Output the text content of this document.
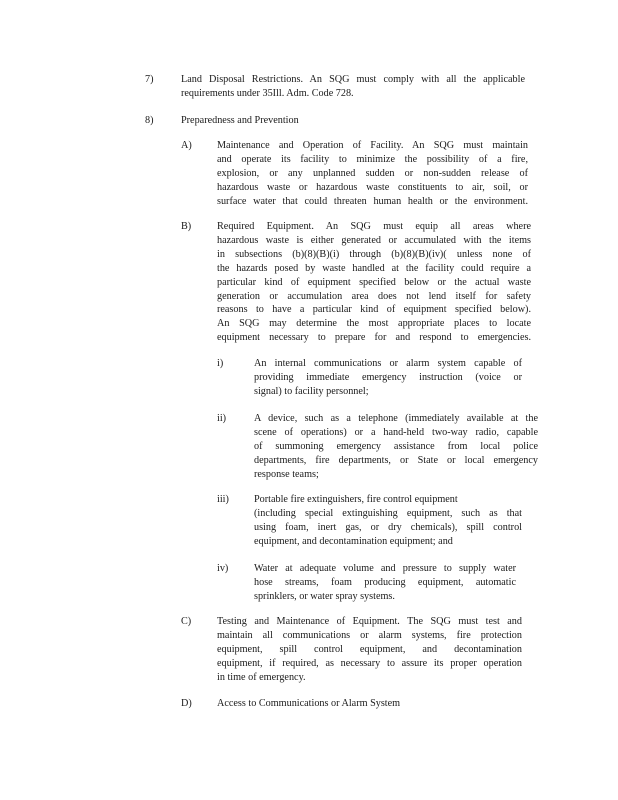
7)	Land Disposal Restrictions. An SQG must comply with all the applicable
requirements under 35Ill. Adm. Code 728.
8)	Preparedness and Prevention
A) Maintenance and Operation of Facility. An SQG must maintain
and operate its facility to minimize the possibility of a fire,
explosion, or any unplanned sudden or non-sudden release of
hazardous waste or hazardous waste constituents to air, soil, or
surface water that could threaten human health or the environment.
B)	Required Equipment. An SQG must equip all areas where
hazardous waste is either generated or accumulated with the items
in subsections (b)(8)(B)(i) through (b)(8)(B)(iv)( unless none of
the hazards posed by waste handled at the facility could require a
particular kind of equipment specified below or the actual waste
generation or accumulation area does not lend itself for safety
reasons to have a particular kind of equipment specified below).
An SQG may determine the most appropriate places to locate
equipment necessary to prepare for and respond to emergencies.
i)	An internal communications or alarm system capable of
providing immediate emergency instruction (voice or
signal) to facility personnel;
ii)	A device, such as a telephone (immediately available at the
scene of operations) or a hand-held two-way radio, capable
of summoning emergency assistance from local police
departments, fire departments, or State or local emergency
response teams;
iii) Portable fire extinguishers, fire control equipment
(including special extinguishing equipment, such as that
using foam, inert gas, or dry chemicals), spill control
equipment, and decontamination equipment; and
iv)	Water at adequate volume and pressure to supply water
hose streams, foam producing equipment, automatic
sprinklers, or water spray systems.
C)	Testing and Maintenance of Equipment. The SQG must test and
maintain all communications or alarm systems, fire protection
equipment, spill control equipment, and decontamination
equipment, if required, as necessary to assure its proper operation
in time of emergency.
D) Access to Communications or Alarm System
